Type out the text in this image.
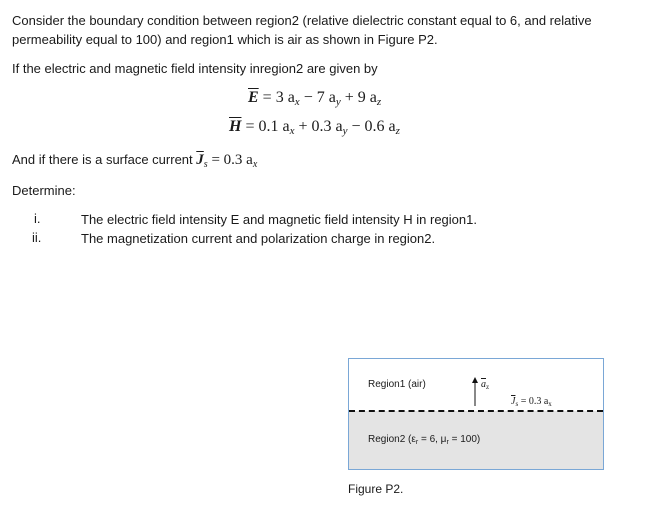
Consider the boundary condition between region2 (relative dielectric constant equal to 6, and relative
permeability equal to 100) and region1 which is air as shown in Figure P2.
If the electric and magnetic field intensity inregion2 are given by
$\overline{E} = 3$ $a_x - 7$ $a_y + 9$ $a_z$
$\overline{H} = 0.1$ $a_x + 0.3$ $a_y - 0.6$ $a_z$
And if there is a surface current $\overline{J}_s = 0.3$ $a_x$
Determine:
i.	The electric field intensity E and magnetic field intensity H in region1.
ii.	The magnetization current and polarization charge in region2.
Region1 (air)	$\overline{a}_z$
$\overline{J}_s = 0.3$ $a_x$
Region2 ($\varepsilon_r = 6$, $\mu_r = 100$)
Figure P2.
